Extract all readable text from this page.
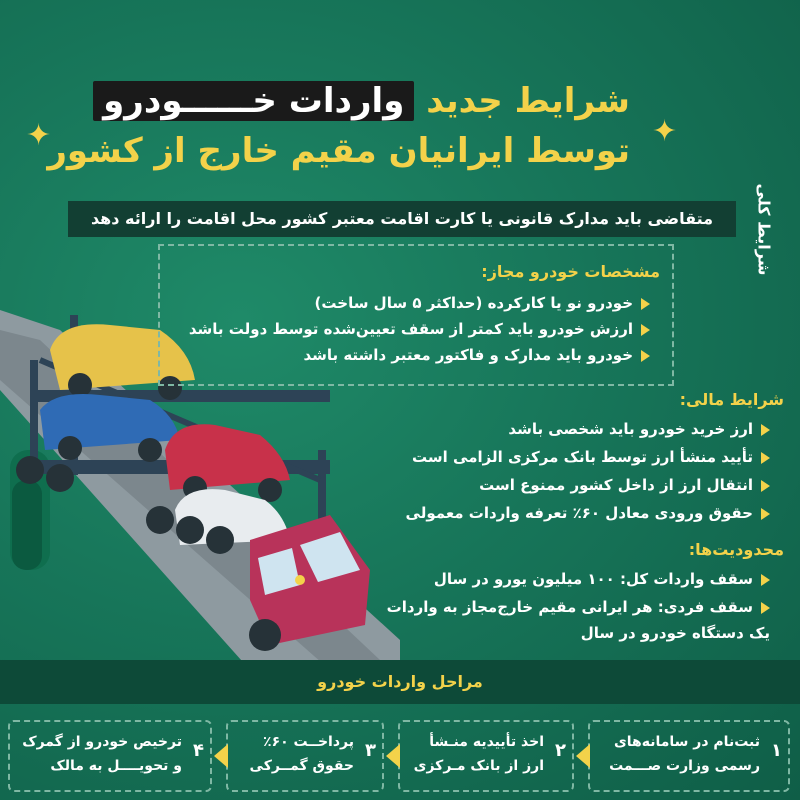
✦	✦
شرایط جدید واردات خــــــودرو
توسط ایرانیان مقیم خارج از کشور
شرایط کلی
متقاضی باید مدارک قانونی یا کارت اقامت معتبر کشور محل اقامت را ارائه دهد
مشخصات خودرو مجاز:
خودرو نو یا کارکرده (حداکثر ۵ سال ساخت)
ارزش خودرو باید کمتر از سقف تعیین‌شده توسط دولت باشد
خودرو باید مدارک و فاکتور معتبر داشته باشد
شرایط مالی:
ارز خرید خودرو باید شخصی باشد
تأیید منشأ ارز توسط بانک مرکزی الزامی است
انتقال ارز از داخل کشور ممنوع است
حقوق ورودی معادل ۶۰٪ تعرفه واردات معمولی
محدودیت‌ها:
سقف واردات کل: ۱۰۰ میلیون یورو در سال
سقف فردی: هر ایرانی مقیم خارج‌مجاز به واردات
یک دستگاه خودرو در سال
مراحل واردات خودرو
۱
ثبت‌نام در سامانه‌های
رسمی وزارت صـــمت
۲
اخذ تأییدیه منـشأ
ارز از بانک مـرکزی
۳
پرداخــت ۶۰٪
حقوق گمــرکی
۴
ترخیص خودرو از گمرک
و تحویــــل به مالک
